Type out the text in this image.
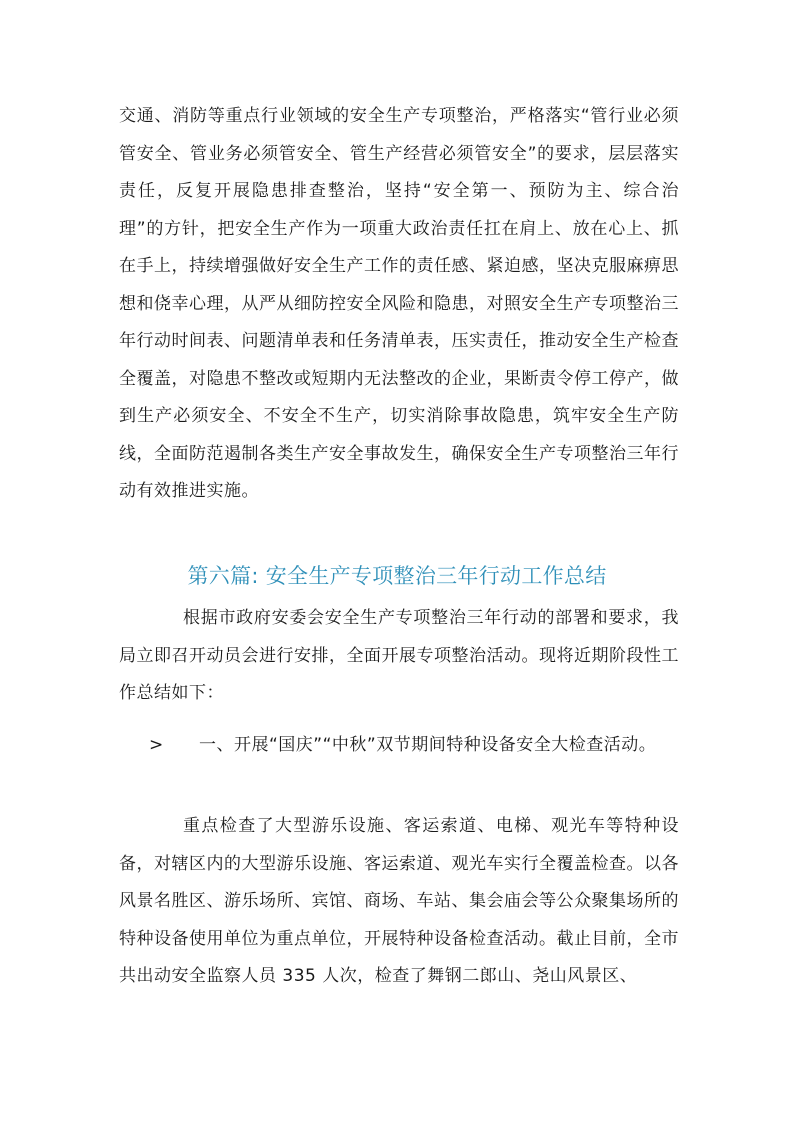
交通、消防等重点行业领域的安全生产专项整治，严格落实“管行业必须管安全、管业务必须管安全、管生产经营必须管安全”的要求，层层落实责任，反复开展隐患排查整治，坚持“安全第一、预防为主、综合治理”的方针，把安全生产作为一项重大政治责任扛在肩上、放在心上、抓在手上，持续增强做好安全生产工作的责任感、紧迫感，坚决克服麻痹思想和侥幸心理，从严从细防控安全风险和隐患，对照安全生产专项整治三年行动时间表、问题清单表和任务清单表，压实责任，推动安全生产检查全覆盖，对隐患不整改或短期内无法整改的企业，果断责令停工停产，做到生产必须安全、不安全不生产，切实消除事故隐患，筑牢安全生产防线，全面防范遏制各类生产安全事故发生，确保安全生产专项整治三年行动有效推进实施。

第六篇: 安全生产专项整治三年行动工作总结

根据市政府安委会安全生产专项整治三年行动的部署和要求，我局立即召开动员会进行安排，全面开展专项整治活动。现将近期阶段性工作总结如下：

> 一、开展“国庆”“中秋”双节期间特种设备安全大检查活动。

重点检查了大型游乐设施、客运索道、电梯、观光车等特种设备，对辖区内的大型游乐设施、客运索道、观光车实行全覆盖检查。以各风景名胜区、游乐场所、宾馆、商场、车站、集会庙会等公众聚集场所的特种设备使用单位为重点单位，开展特种设备检查活动。截止目前，全市共出动安全监察人员 335 人次，检查了舞钢二郎山、尧山风景区、
